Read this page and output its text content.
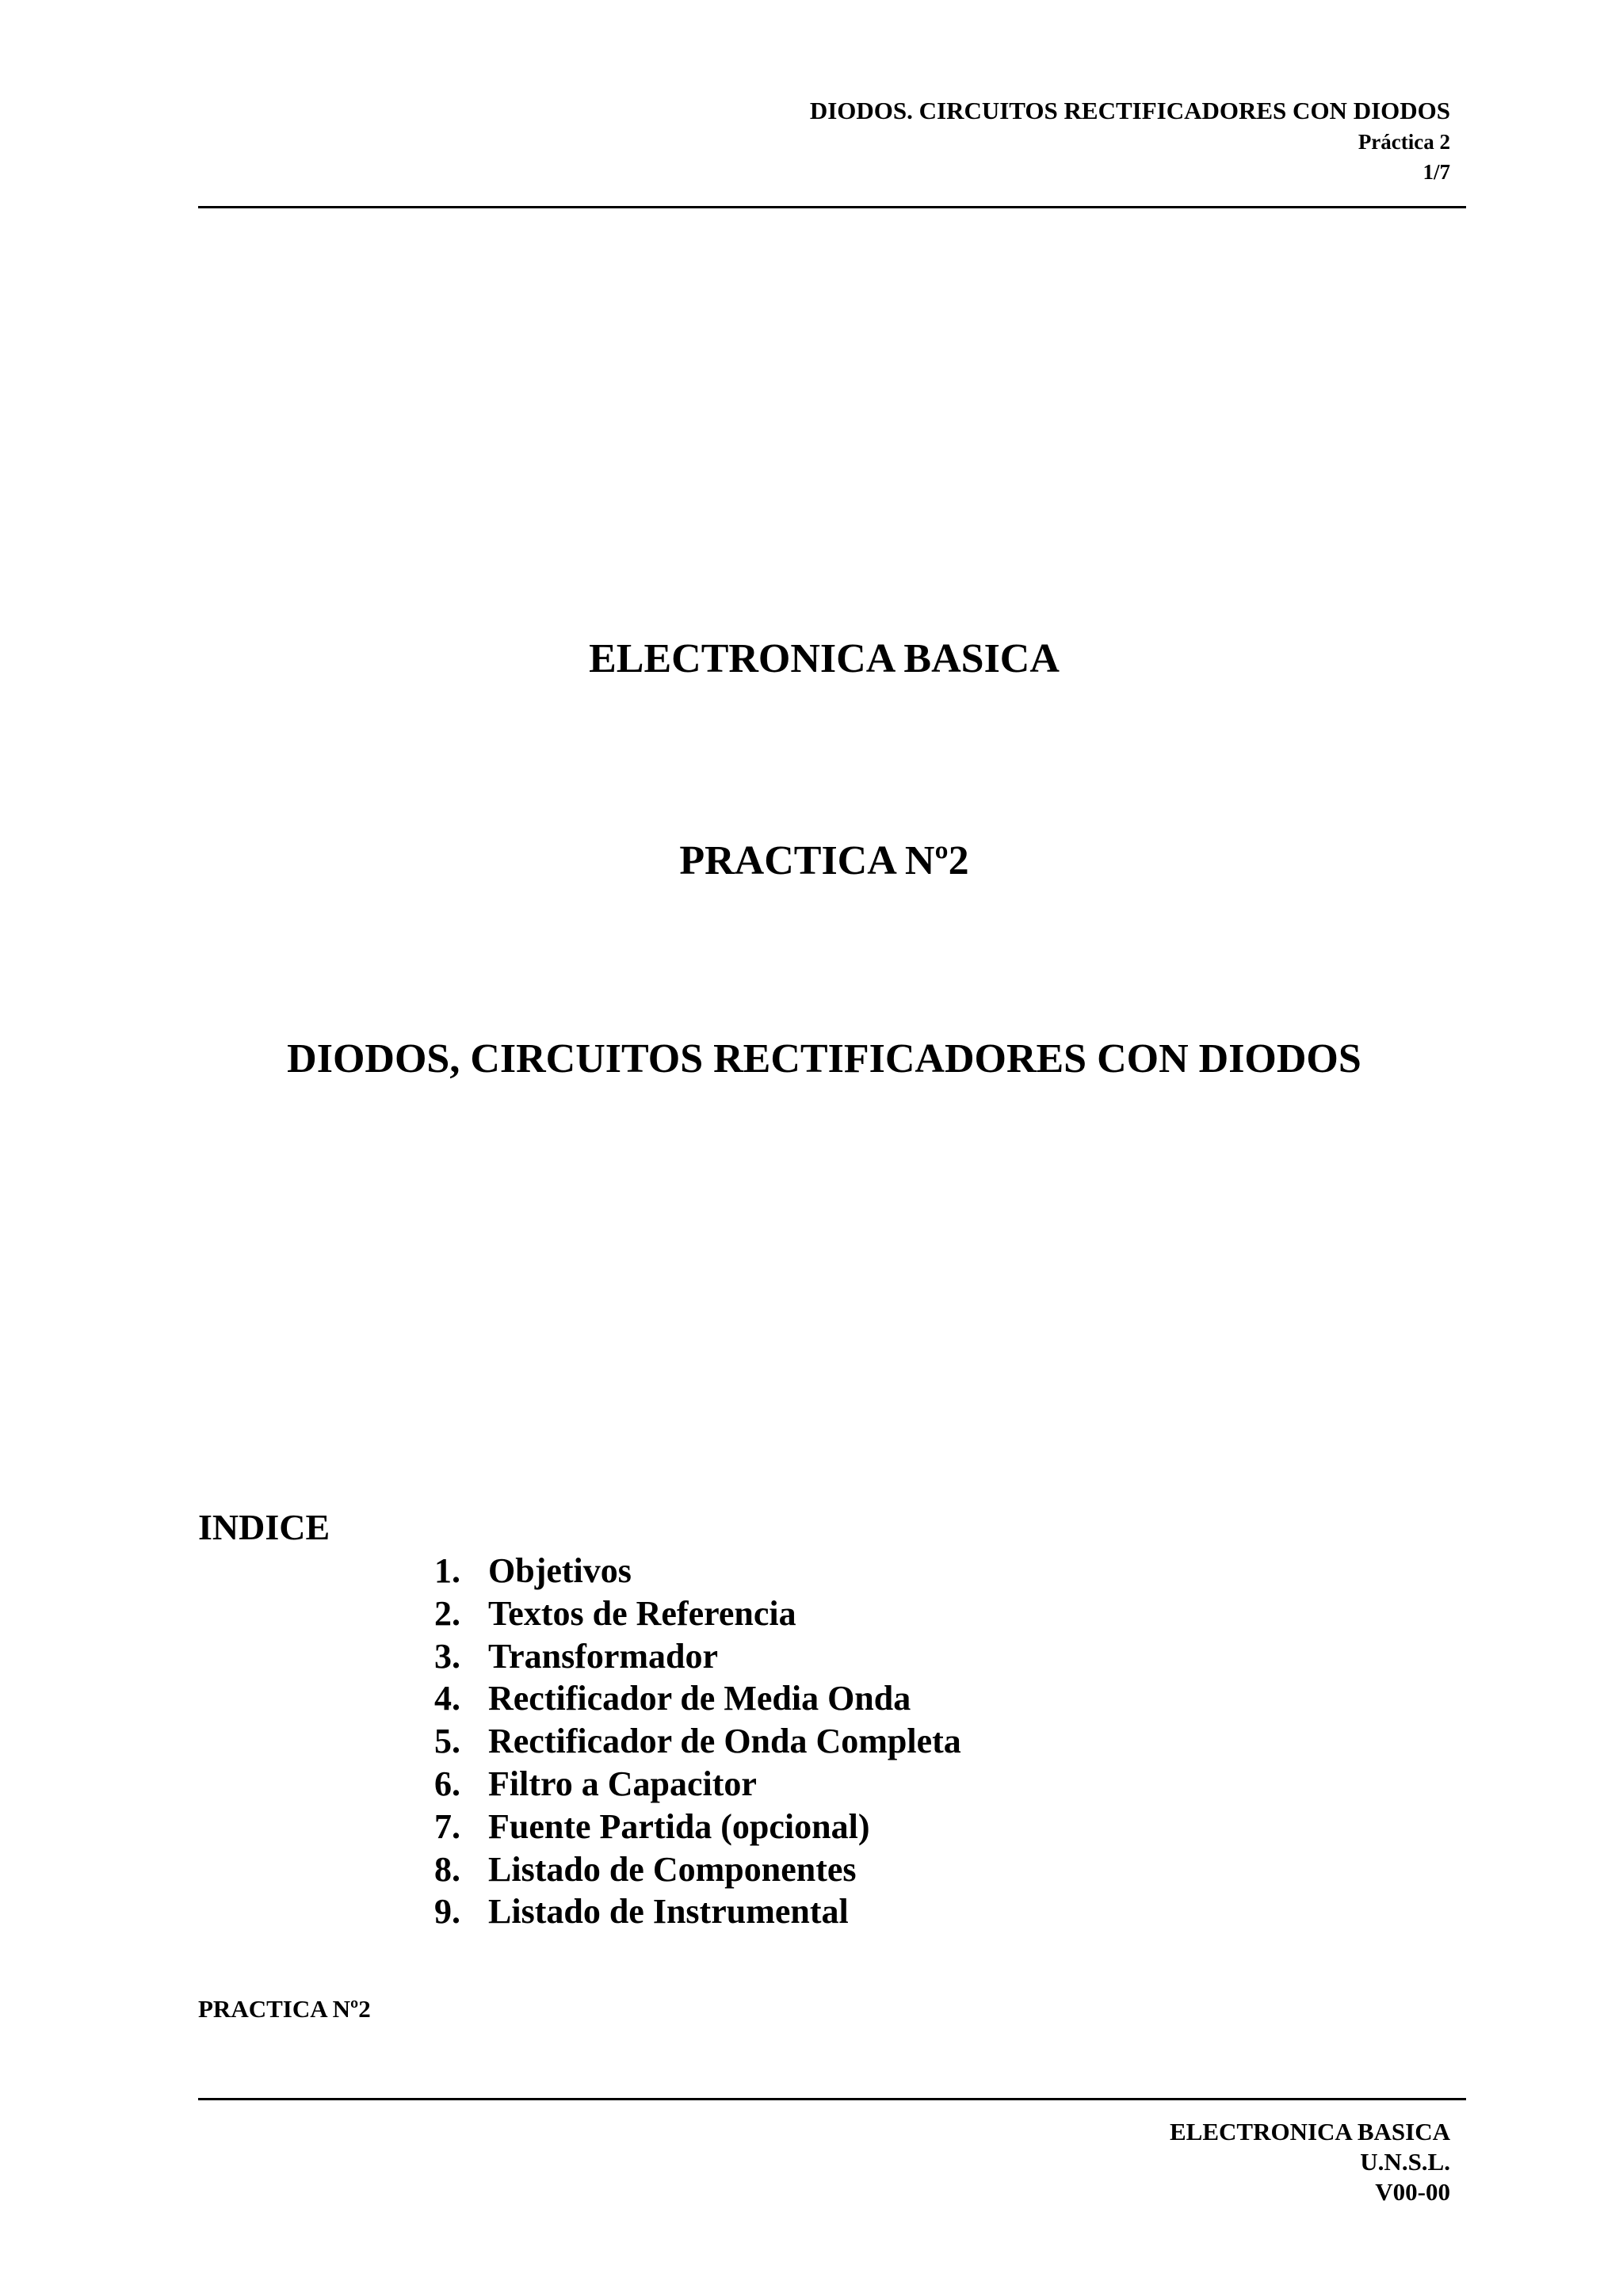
DIODOS. CIRCUITOS RECTIFICADORES CON DIODOS
Práctica 2
1/7
ELECTRONICA BASICA
PRACTICA Nº2
DIODOS, CIRCUITOS RECTIFICADORES CON DIODOS
INDICE
1. Objetivos
2. Textos de Referencia
3. Transformador
4. Rectificador de Media Onda
5. Rectificador de Onda Completa
6. Filtro a Capacitor
7. Fuente Partida (opcional)
8. Listado de Componentes
9. Listado de Instrumental
PRACTICA Nº2
ELECTRONICA BASICA
U.N.S.L.
V00-00
